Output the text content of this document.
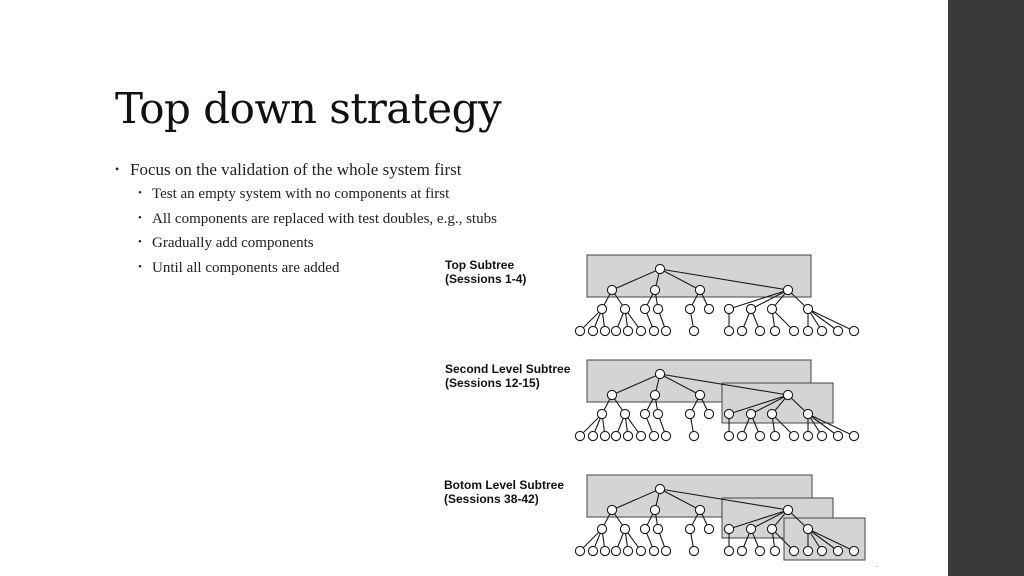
Top down strategy
• Focus on the validation of the whole system first
• Test an empty system with no components at first
• All components are replaced with test doubles, e.g., stubs
• Gradually add components
• Until all components are added	Top Subtree
(Sessions 1-4)
Second Level Subtree
(Sessions 12-15)
Botom Level Subtree
(Sessions 38-42)
.
